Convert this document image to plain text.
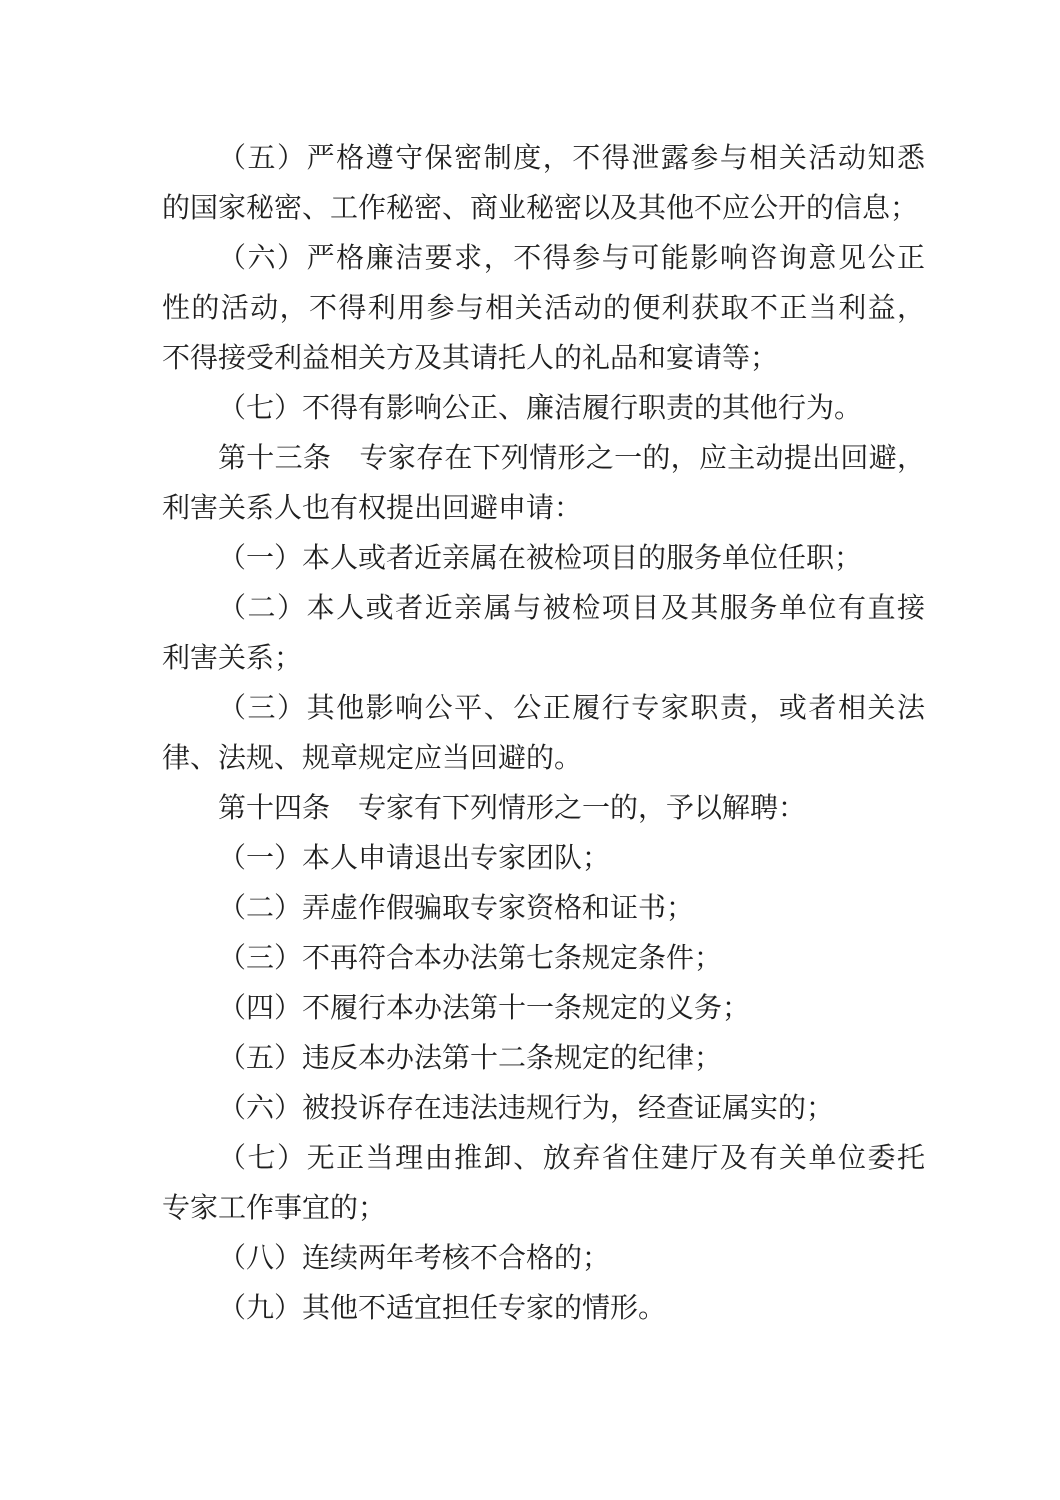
（五）严格遵守保密制度，不得泄露参与相关活动知悉
的国家秘密、工作秘密、商业秘密以及其他不应公开的信息；
（六）严格廉洁要求，不得参与可能影响咨询意见公正
性的活动，不得利用参与相关活动的便利获取不正当利益，
不得接受利益相关方及其请托人的礼品和宴请等；
（七）不得有影响公正、廉洁履行职责的其他行为。
第十三条　专家存在下列情形之一的，应主动提出回避，
利害关系人也有权提出回避申请：
（一）本人或者近亲属在被检项目的服务单位任职；
（二）本人或者近亲属与被检项目及其服务单位有直接
利害关系；
（三）其他影响公平、公正履行专家职责，或者相关法
律、法规、规章规定应当回避的。
第十四条　专家有下列情形之一的，予以解聘：
（一）本人申请退出专家团队；
（二）弄虚作假骗取专家资格和证书；
（三）不再符合本办法第七条规定条件；
（四）不履行本办法第十一条规定的义务；
（五）违反本办法第十二条规定的纪律；
（六）被投诉存在违法违规行为，经查证属实的；
（七）无正当理由推卸、放弃省住建厅及有关单位委托
专家工作事宜的；
（八）连续两年考核不合格的；
（九）其他不适宜担任专家的情形。
